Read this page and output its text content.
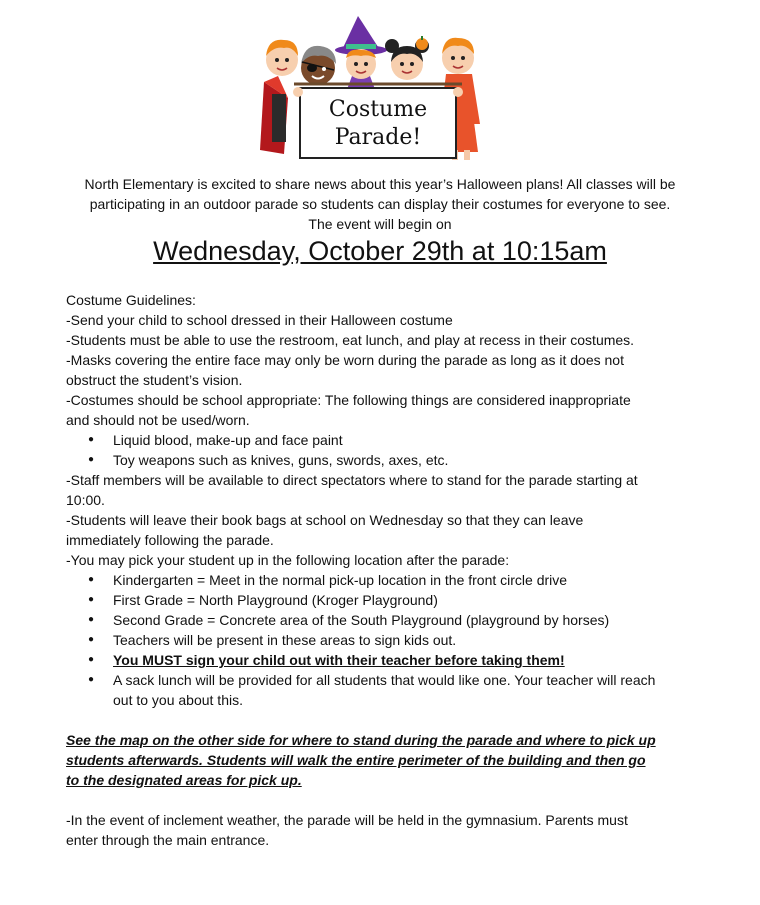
Costume
Parade!
North Elementary is excited to share news about this year’s Halloween plans! All classes will be
participating in an outdoor parade so students can display their costumes for everyone to see.
The event will begin on
Wednesday, October 29th at 10:15am

Costume Guidelines:

-Send your child to school dressed in their Halloween costume

-Students must be able to use the restroom, eat lunch, and play at recess in their costumes.

-Masks covering the entire face may only be worn during the parade as long as it does not

obstruct the student’s vision.

-Costumes should be school appropriate: The following things are considered inappropriate

and should not be used/worn.

● Liquid blood, make-up and face paint
● Toy weapons such as knives, guns, swords, axes, etc.

-Staff members will be available to direct spectators where to stand for the parade starting at

10:00.

-Students will leave their book bags at school on Wednesday so that they can leave

immediately following the parade.

-You may pick your student up in the following location after the parade:

● Kindergarten = Meet in the normal pick-up location in the front circle drive
● First Grade = North Playground (Kroger Playground)
● Second Grade = Concrete area of the South Playground (playground by horses)
● Teachers will be present in these areas to sign kids out.
● You MUST sign your child out with their teacher before taking them!
● A sack lunch will be provided for all students that would like one. Your teacher will reach
out to you about this.
See the map on the other side for where to stand during the parade and where to pick up
students afterwards. Students will walk the entire perimeter of the building and then go
to the designated areas for pick up.

-In the event of inclement weather, the parade will be held in the gymnasium. Parents must

enter through the main entrance.
